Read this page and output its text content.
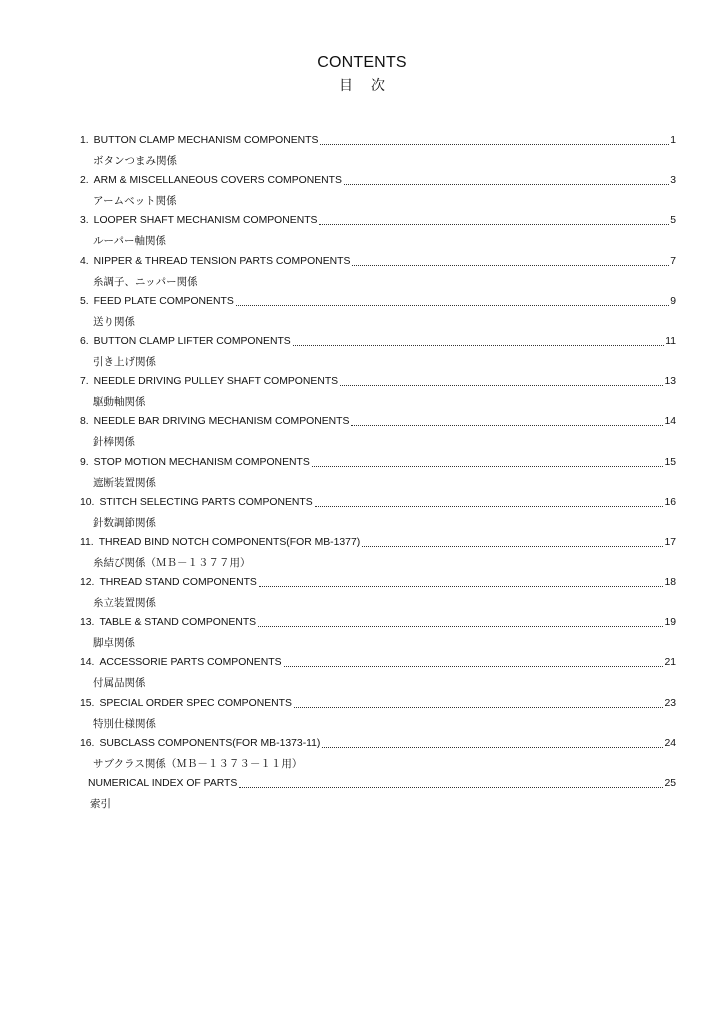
CONTENTS
目次
1. BUTTON CLAMP MECHANISM COMPONENTS	1
ボタンつまみ関係
2. ARM & MISCELLANEOUS COVERS COMPONENTS	3
アームベット関係
3. LOOPER SHAFT MECHANISM COMPONENTS	5
ルーパー軸関係
4. NIPPER & THREAD TENSION PARTS COMPONENTS	7
糸調子、ニッパー関係
5. FEED PLATE COMPONENTS	9
送り関係
6. BUTTON CLAMP LIFTER COMPONENTS	11
引き上げ関係
7. NEEDLE DRIVING PULLEY SHAFT COMPONENTS	13
駆動軸関係
8. NEEDLE BAR DRIVING MECHANISM COMPONENTS	14
針棒関係
9. STOP MOTION MECHANISM COMPONENTS	15
遮断装置関係
10. STITCH SELECTING PARTS COMPONENTS	16
針数調節関係
11. THREAD BIND NOTCH COMPONENTS(FOR MB-1377)	17
糸結び関係（ＭＢ－１３７７用）
12. THREAD STAND COMPONENTS	18
糸立装置関係
13. TABLE & STAND COMPONENTS	19
脚卓関係
14. ACCESSORIE PARTS COMPONENTS	21
付属品関係
15. SPECIAL ORDER SPEC COMPONENTS	23
特別仕様関係
16. SUBCLASS COMPONENTS(FOR MB-1373-11)	24
サブクラス関係（ＭＢ－１３７３－１１用）
NUMERICAL INDEX OF PARTS	25
索引
